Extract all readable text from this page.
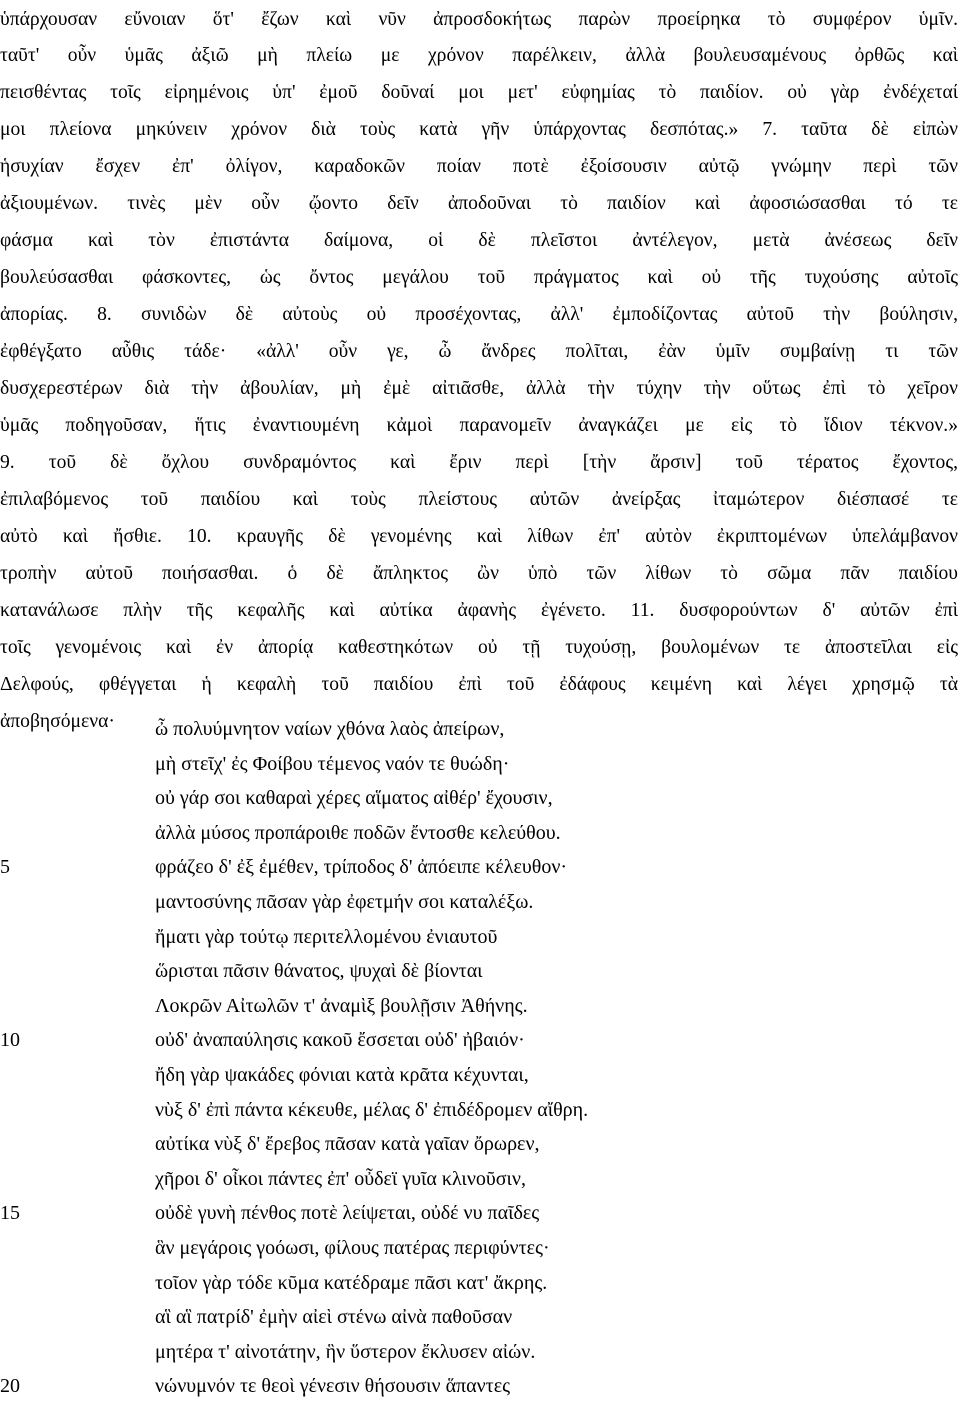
ὑπάρχουσαν εὔνοιαν ὅτ' ἔζων καὶ νῦν ἀπροσδοκήτως παρὼν προείρηκα τὸ συμφέρον ὑμῖν.
ταῦτ' οὖν ὑμᾶς ἀξιῶ μὴ πλείω με χρόνον παρέλκειν, ἀλλὰ βουλευσαμένους ὀρθῶς καὶ
πεισθέντας τοῖς εἰρημένοις ὑπ' ἐμοῦ δοῦναί μοι μετ' εὐφημίας τὸ παιδίον. οὐ γὰρ ἐνδέχεταί
μοι πλείονα μηκύνειν χρόνον διὰ τοὺς κατὰ γῆν ὑπάρχοντας δεσπότας.» 7. ταῦτα δὲ εἰπὼν
ἡσυχίαν ἔσχεν ἐπ' ὀλίγον, καραδοκῶν ποίαν ποτὲ ἐξοίσουσιν αὐτῷ γνώμην περὶ τῶν
ἀξιουμένων. τινὲς μὲν οὖν ᾤοντο δεῖν ἀποδοῦναι τὸ παιδίον καὶ ἀφοσιώσασθαι τό τε
φάσμα καὶ τὸν ἐπιστάντα δαίμονα, οἱ δὲ πλεῖστοι ἀντέλεγον, μετὰ ἀνέσεως δεῖν
βουλεύσασθαι φάσκοντες, ὡς ὄντος μεγάλου τοῦ πράγματος καὶ οὐ τῆς τυχούσης αὐτοῖς
ἀπορίας. 8. συνιδὼν δὲ αὐτοὺς οὐ προσέχοντας, ἀλλ' ἐμποδίζοντας αὐτοῦ τὴν βούλησιν,
ἐφθέγξατο αὖθις τάδε· «ἀλλ' οὖν γε, ὦ ἄνδρες πολῖται, ἐὰν ὑμῖν συμβαίνῃ τι τῶν
δυσχερεστέρων διὰ τὴν ἀβουλίαν, μὴ ἐμὲ αἰτιᾶσθε, ἀλλὰ τὴν τύχην τὴν οὕτως ἐπὶ τὸ χεῖρον
ὑμᾶς ποδηγοῦσαν, ἥτις ἐναντιουμένη κἀμοὶ παρανομεῖν ἀναγκάζει με εἰς τὸ ἴδιον τέκνον.»
9. τοῦ δὲ ὄχλου συνδραμόντος καὶ ἔριν περὶ [τὴν ἄρσιν] τοῦ τέρατος ἔχοντος,
ἐπιλαβόμενος τοῦ παιδίου καὶ τοὺς πλείστους αὐτῶν ἀνείρξας ἰταμώτερον διέσπασέ τε
αὐτὸ καὶ ἤσθιε. 10. κραυγῆς δὲ γενομένης καὶ λίθων ἐπ' αὐτὸν ἐκριπτομένων ὑπελάμβανον
τροπὴν αὐτοῦ ποιήσασθαι. ὁ δὲ ἄπληκτος ὢν ὑπὸ τῶν λίθων τὸ σῶμα πᾶν παιδίου
κατανάλωσε πλὴν τῆς κεφαλῆς καὶ αὐτίκα ἀφανὴς ἐγένετο. 11. δυσφορούντων δ' αὐτῶν ἐπὶ
τοῖς γενομένοις καὶ ἐν ἀπορίᾳ καθεστηκότων οὐ τῇ τυχούσῃ, βουλομένων τε ἀποστεῖλαι εἰς
Δελφούς, φθέγγεται ἡ κεφαλὴ τοῦ παιδίου ἐπὶ τοῦ ἐδάφους κειμένη καὶ λέγει χρησμῷ τὰ
ἀποβησόμενα· ὦ πολυύμνητον ναίων χθόνα λαὸς ἀπείρων,
μὴ στεῖχ' ἐς Φοίβου τέμενος ναόν τε θυώδη·
οὐ γάρ σοι καθαραὶ χέρες αἵματος αἰθέρ' ἔχουσιν,
ἀλλὰ μύσος προπάροιθε ποδῶν ἔντοσθε κελεύθου.
5	φράζεο δ' ἐξ ἐμέθεν, τρίποδος δ' ἀπόειπε κέλευθον·
μαντοσύνης πᾶσαν γὰρ ἐφετμήν σοι καταλέξω.
ἤματι γὰρ τούτῳ περιτελλομένου ἐνιαυτοῦ
ὥρισται πᾶσιν θάνατος, ψυχαὶ δὲ βίονται
Λοκρῶν Αἰτωλῶν τ' ἀναμὶξ βουλῇσιν Ἀθήνης.
10	οὐδ' ἀναπαύλησις κακοῦ ἔσσεται οὐδ' ἠβαιόν·
ἤδη γὰρ ψακάδες φόνιαι κατὰ κρᾶτα κέχυνται,
νὺξ δ' ἐπὶ πάντα κέκευθε, μέλας δ' ἐπιδέδρομεν αἴθρη.
αὐτίκα νὺξ δ' ἔρεβος πᾶσαν κατὰ γαῖαν ὄρωρεν,
χῆροι δ' οἶκοι πάντες ἐπ' οὖδεϊ γυῖα κλινοῦσιν,
15	οὐδὲ γυνὴ πένθος ποτὲ λείψεται, οὐδέ νυ παῖδες
ἃν μεγάροις γοόωσι, φίλους πατέρας περιφύντες·
τοῖον γὰρ τόδε κῦμα κατέδραμε πᾶσι κατ' ἄκρης.
αἳ αἳ πατρίδ' ἐμὴν αἰεὶ στένω αἰνὰ παθοῦσαν
μητέρα τ' αἰνοτάτην, ἣν ὕστερον ἔκλυσεν αἰών.
20	νώνυμνόν τε θεοὶ γένεσιν θήσουσιν ἅπαντες
